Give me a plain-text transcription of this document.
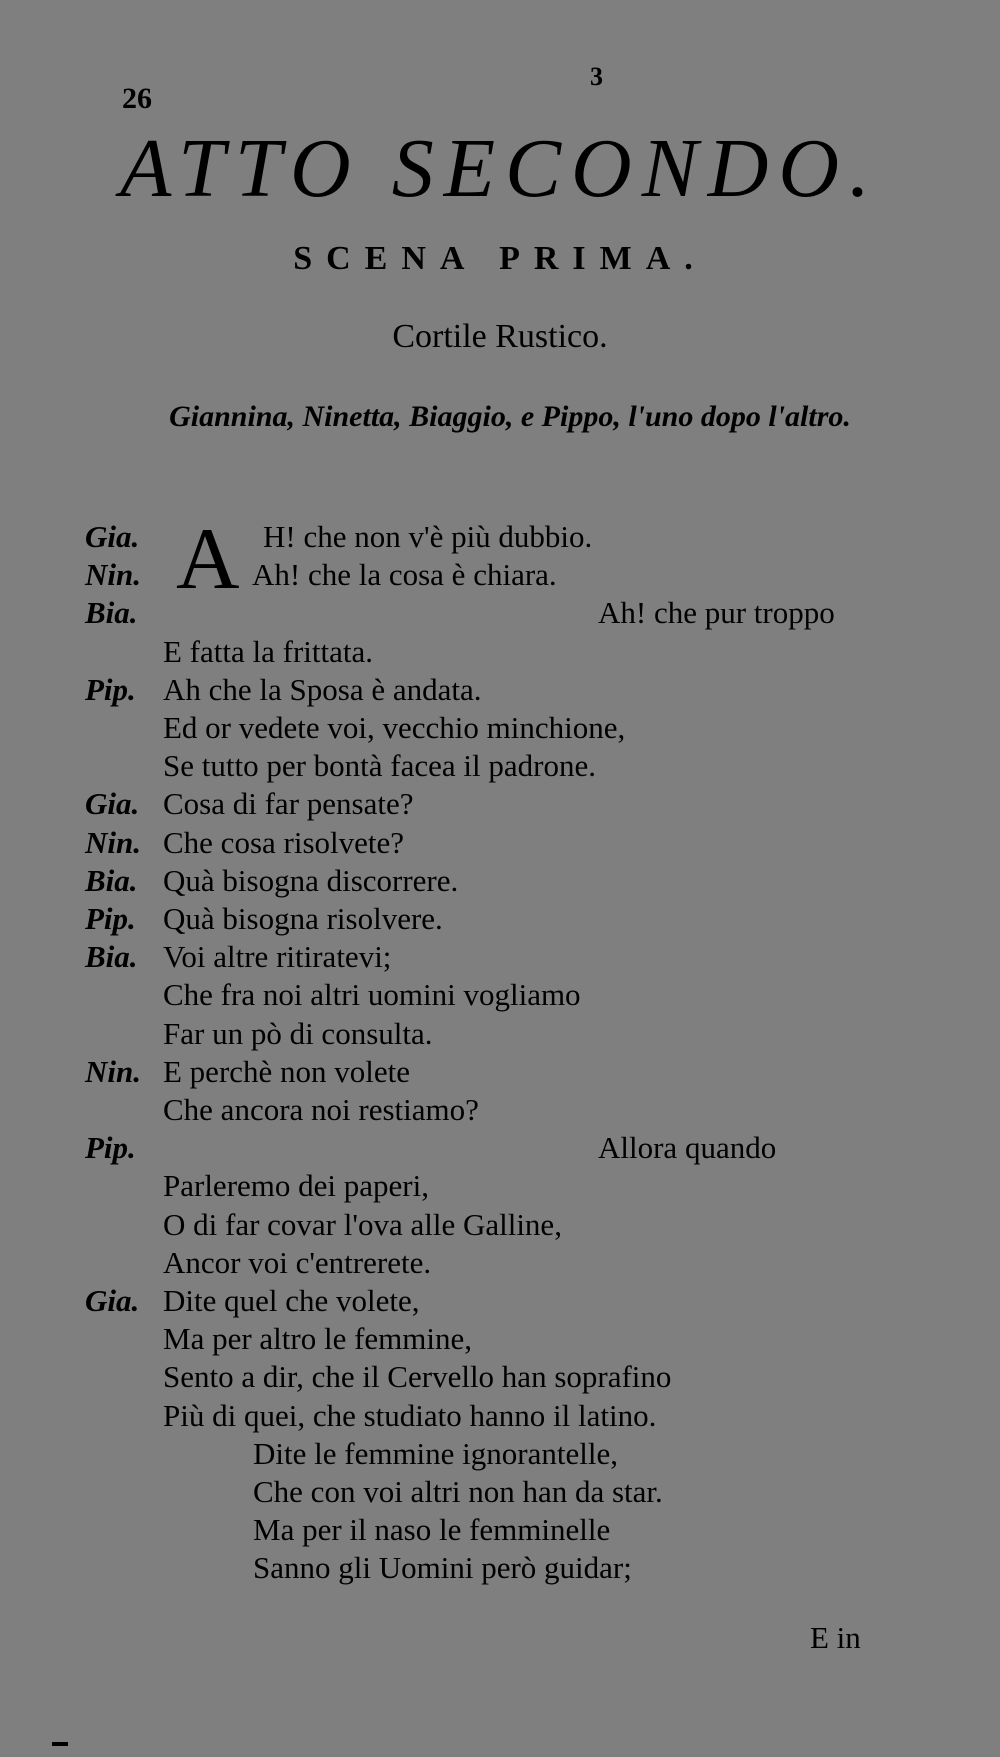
26
3
ATTO SECONDO.
SCENA PRIMA.
Cortile Rustico.
Giannina, Ninetta, Biaggio, e Pippo, l'uno dopo l'altro.
A
Gia.	H! che non v'è più dubbio.
Nin.	Ah! che la cosa è chiara.
Bia.	Ah! che pur troppo
E fatta la frittata.
Pip. Ah che la Sposa è andata.
Ed or vedete voi, vecchio minchione,
Se tutto per bontà facea il padrone.
Gia. Cosa di far pensate?
Nin. Che cosa risolvete?
Bia. Quà bisogna discorrere.
Pip. Quà bisogna risolvere.
Bia. Voi altre ritiratevi;
Che fra noi altri uomini vogliamo
Far un pò di consulta.
Nin. E perchè non volete
Che ancora noi restiamo?
Pip.	Allora quando
Parleremo dei paperi,
O di far covar l'ova alle Galline,
Ancor voi c'entrerete.
Gia. Dite quel che volete,
Ma per altro le femmine,
Sento a dir, che il Cervello han soprafino
Più di quei, che studiato hanno il latino.
Dite le femmine ignorantelle,
Che con voi altri non han da star.
Ma per il naso le femminelle
Sanno gli Uomini però guidar;
E in
